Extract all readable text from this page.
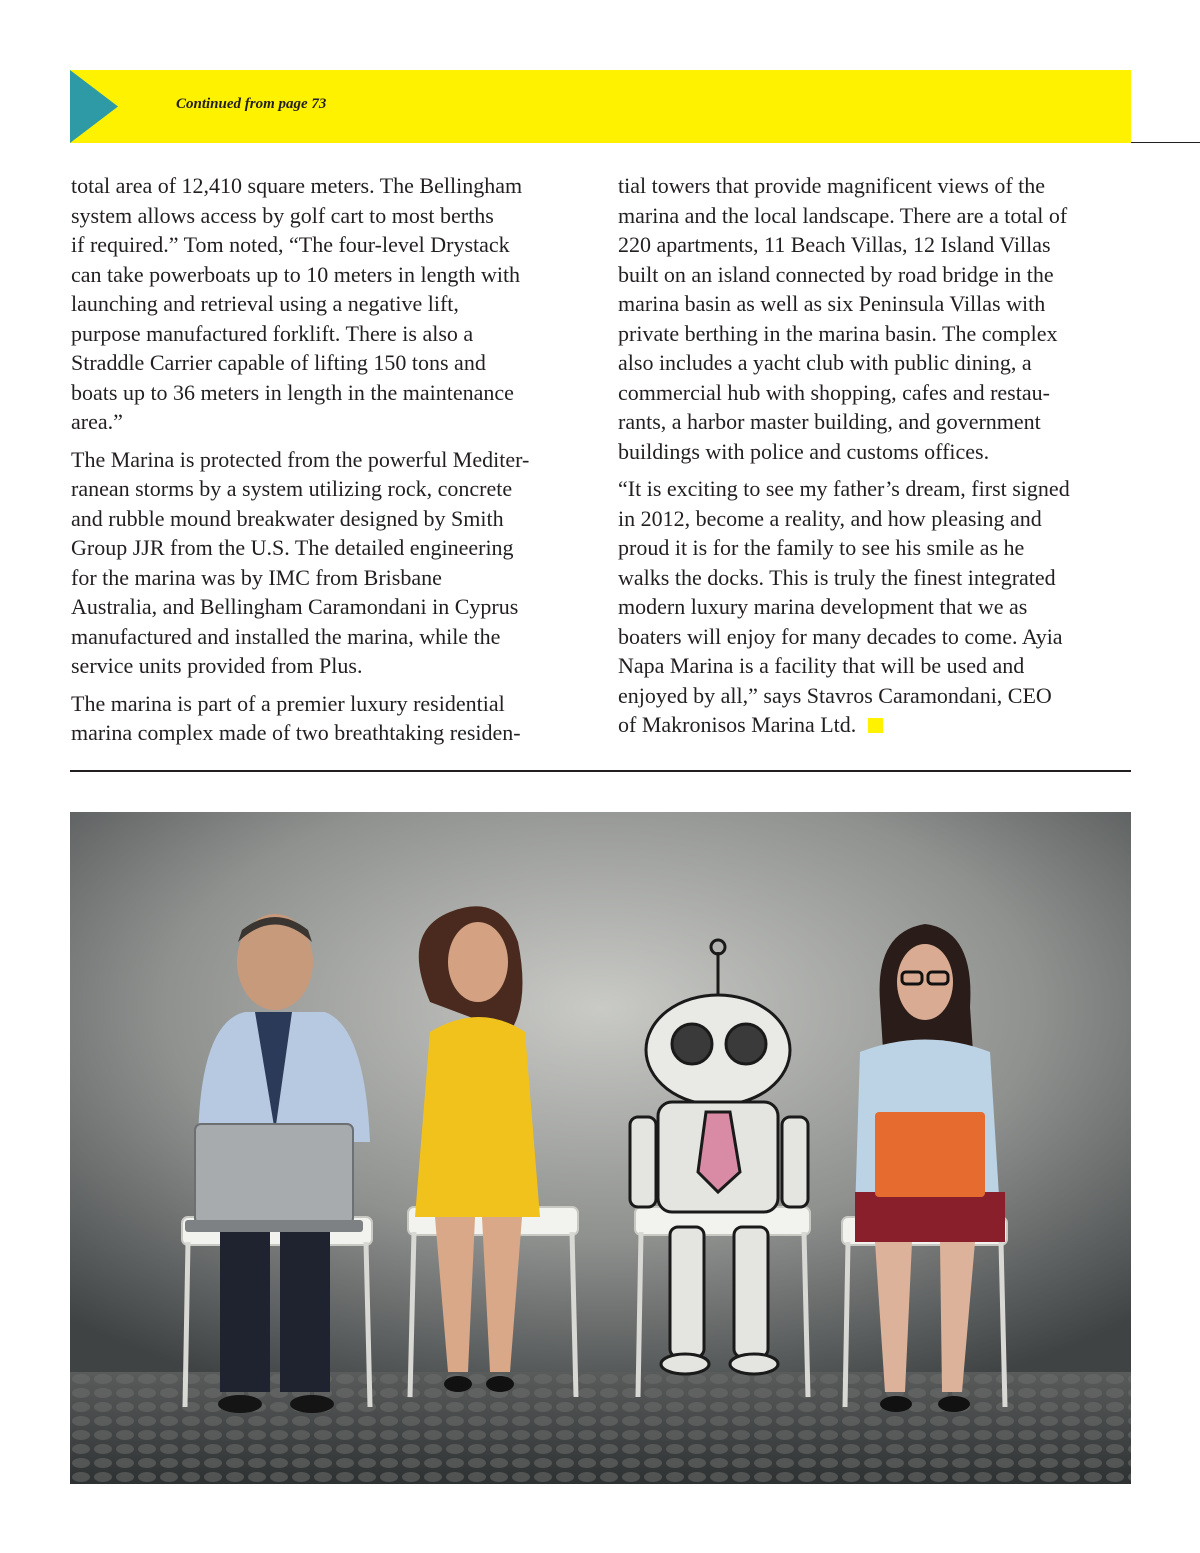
Continued from page 73

total area of 12,410 square meters. The Bellingham
system allows access by golf cart to most berths
if required.” Tom noted, “The four-level Drystack
can take powerboats up to 10 meters in length with
launching and retrieval using a negative lift,
purpose manufactured forklift. There is also a
Straddle Carrier capable of lifting 150 tons and
boats up to 36 meters in length in the maintenance
area.”

The Marina is protected from the powerful Mediter-
ranean storms by a system utilizing rock, concrete
and rubble mound breakwater designed by Smith
Group JJR from the U.S. The detailed engineering
for the marina was by IMC from Brisbane
Australia, and Bellingham Caramondani in Cyprus
manufactured and installed the marina, while the
service units provided from Plus.

The marina is part of a premier luxury residential
marina complex made of two breathtaking residen-

tial towers that provide magnificent views of the
marina and the local landscape. There are a total of
220 apartments, 11 Beach Villas, 12 Island Villas
built on an island connected by road bridge in the
marina basin as well as six Peninsula Villas with
private berthing in the marina basin. The complex
also includes a yacht club with public dining, a
commercial hub with shopping, cafes and restau-
rants, a harbor master building, and government
buildings with police and customs offices.

“It is exciting to see my father’s dream, first signed
in 2012, become a reality, and how pleasing and
proud it is for the family to see his smile as he
walks the docks. This is truly the finest integrated
modern luxury marina development that we as
boaters will enjoy for many decades to come. Ayia
Napa Marina is a facility that will be used and
enjoyed by all,” says Stavros Caramondani, CEO
of Makronisos Marina Ltd.
